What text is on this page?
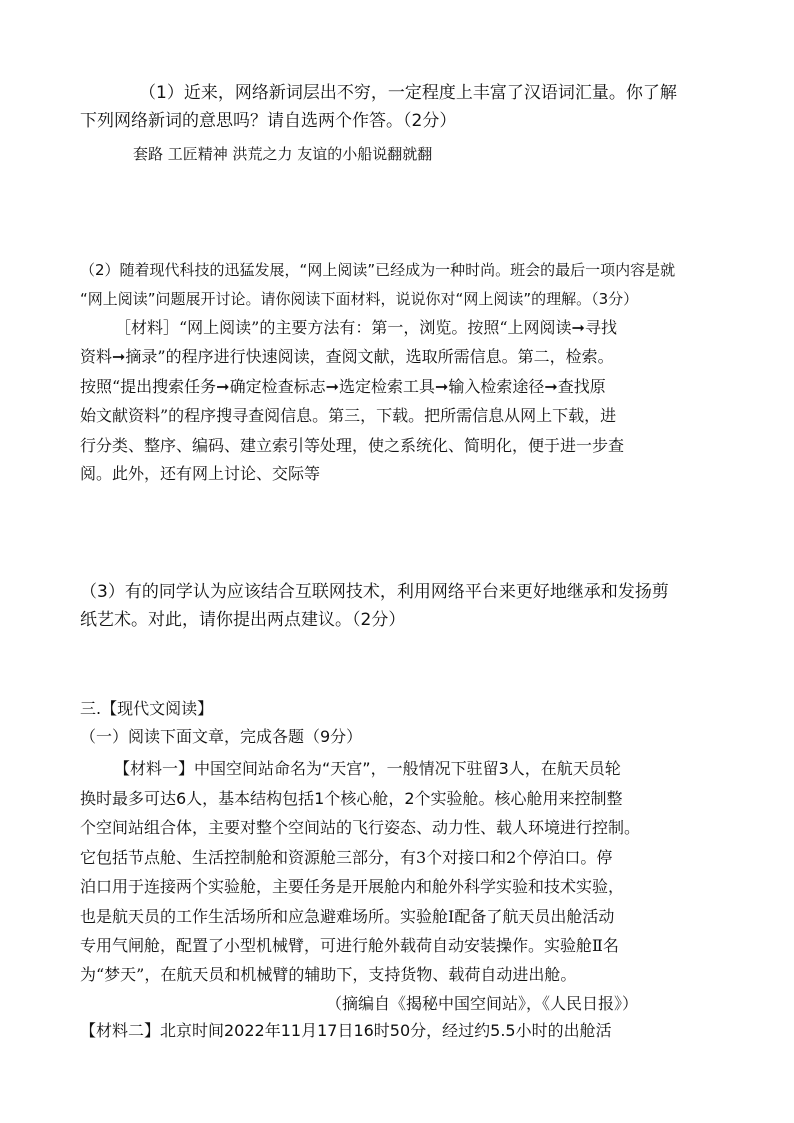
（1）近来，网络新词层出不穷，一定程度上丰富了汉语词汇量。你了解
下列网络新词的意思吗？请自选两个作答。（2分）
套路 工匠精神 洪荒之力 友谊的小船说翻就翻
（2）随着现代科技的迅猛发展，“网上阅读”已经成为一种时尚。班会的最后一项内容是就
“网上阅读”问题展开讨论。请你阅读下面材料，说说你对“网上阅读”的理解。（3分）
［材料］“网上阅读”的主要方法有：第一，浏览。按照“上网阅读➞寻找
资料➞摘录”的程序进行快速阅读，查阅文献，选取所需信息。第二，检索。
按照“提出搜索任务➞确定检查标志➞选定检索工具➞输入检索途径➞查找原
始文献资料”的程序搜寻查阅信息。第三，下载。把所需信息从网上下载，进
行分类、整序、编码、建立索引等处理，使之系统化、简明化，便于进一步查
阅。此外，还有网上讨论、交际等
（3）有的同学认为应该结合互联网技术，利用网络平台来更好地继承和发扬剪
纸艺术。对此，请你提出两点建议。（2分）
三.【现代文阅读】
（一）阅读下面文章，完成各题（9分）
【材料一】中国空间站命名为“天宫”，一般情况下驻留3人，在航天员轮
换时最多可达6人，基本结构包括1个核心舱，2个实验舱。核心舱用来控制整
个空间站组合体，主要对整个空间站的飞行姿态、动力性、载人环境进行控制。
它包括节点舱、生活控制舱和资源舱三部分，有3个对接口和2个停泊口。停
泊口用于连接两个实验舱，主要任务是开展舱内和舱外科学实验和技术实验，
也是航天员的工作生活场所和应急避难场所。实验舱Ⅰ配备了航天员出舱活动
专用气闸舱，配置了小型机械臂，可进行舱外载荷自动安装操作。实验舱Ⅱ名
为“梦天”，在航天员和机械臂的辅助下，支持货物、载荷自动进出舱。
（摘编自《揭秘中国空间站》，《人民日报》）
【材料二】北京时间2022年11月17日16时50分，经过约5.5小时的出舱活
